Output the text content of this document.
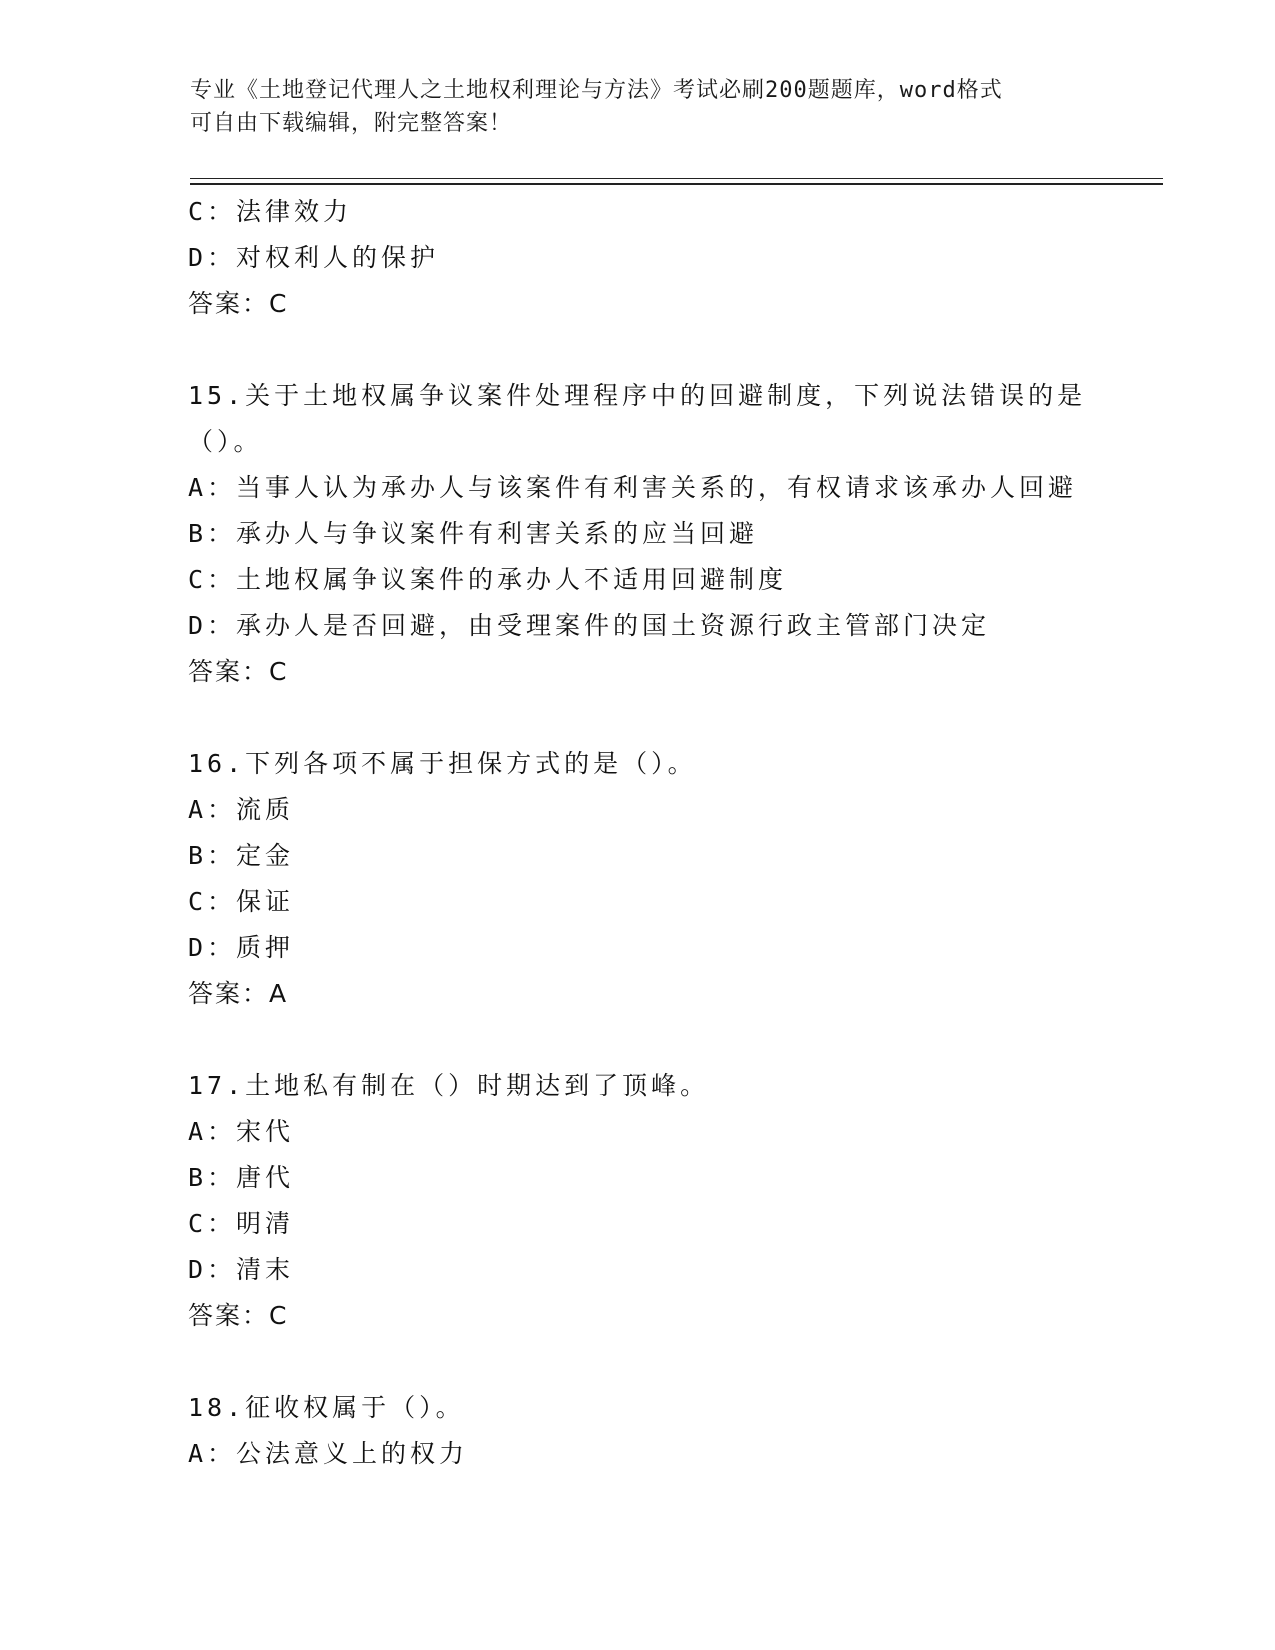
专业《土地登记代理人之土地权利理论与方法》考试必刷200题题库，word格式
可自由下载编辑，附完整答案！
C：法律效力
D：对权利人的保护
答案：C
15.关于土地权属争议案件处理程序中的回避制度，下列说法错误的是
（）。
A：当事人认为承办人与该案件有利害关系的，有权请求该承办人回避
B：承办人与争议案件有利害关系的应当回避
C：土地权属争议案件的承办人不适用回避制度
D：承办人是否回避，由受理案件的国土资源行政主管部门决定
答案：C
16.下列各项不属于担保方式的是（）。
A：流质
B：定金
C：保证
D：质押
答案：A
17.土地私有制在（）时期达到了顶峰。
A：宋代
B：唐代
C：明清
D：清末
答案：C
18.征收权属于（）。
A：公法意义上的权力
